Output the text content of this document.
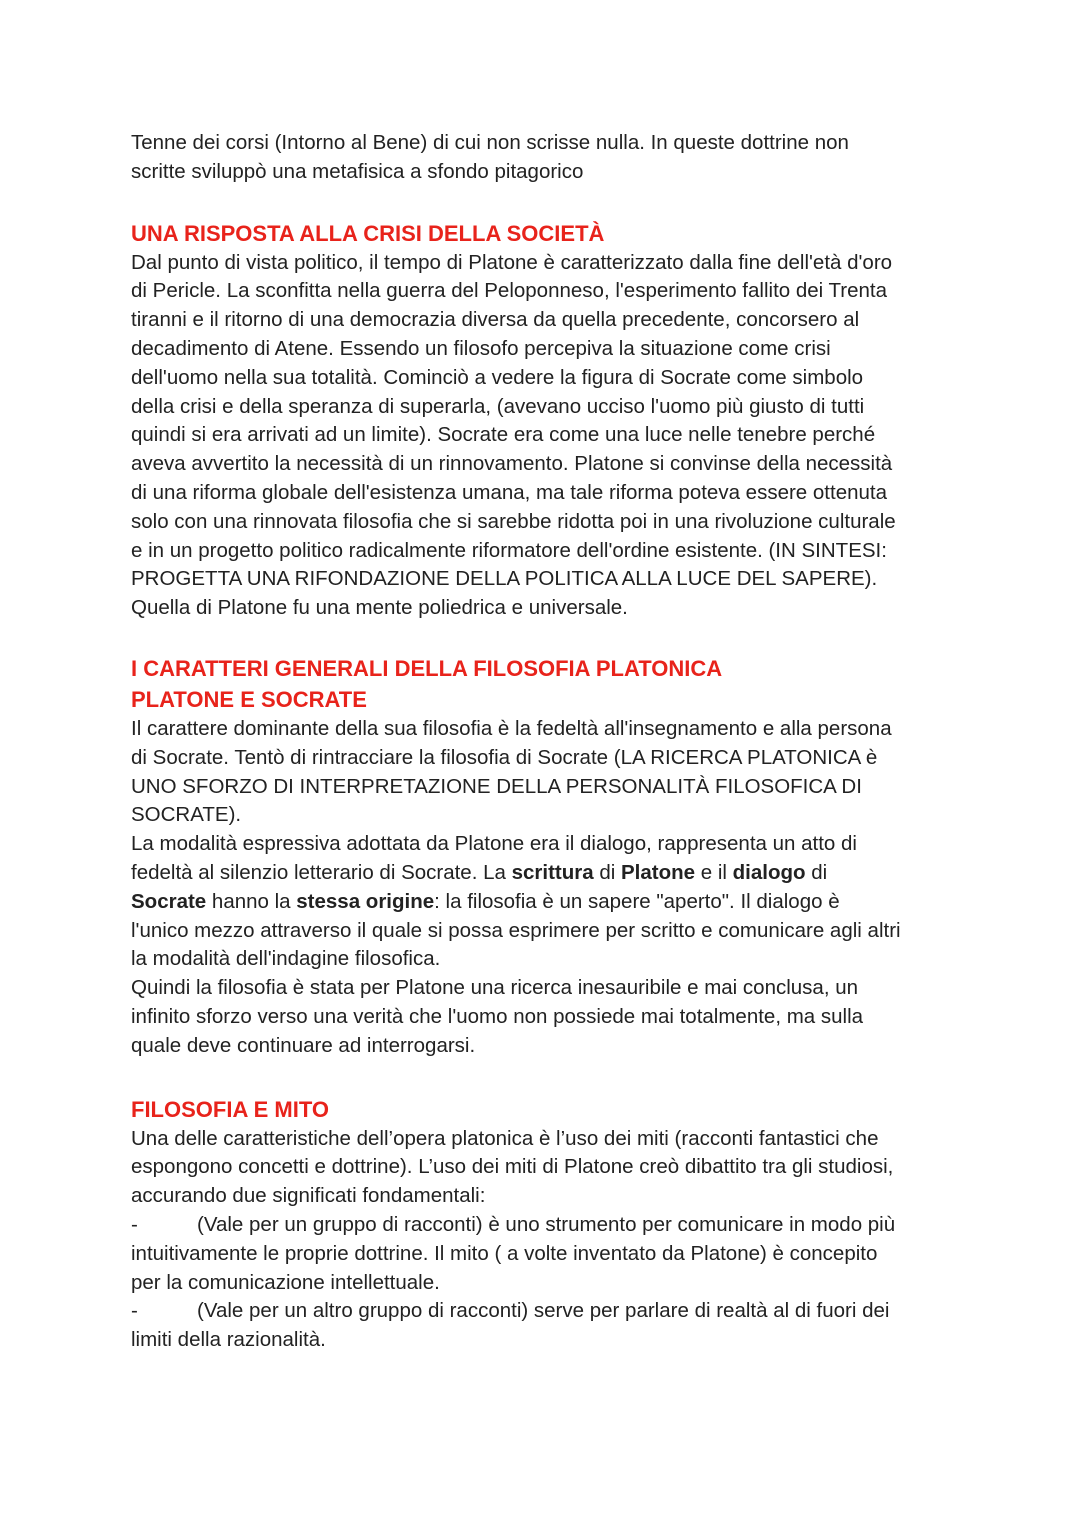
Tenne dei corsi (Intorno al Bene) di cui non scrisse nulla. In queste dottrine non

scritte sviluppò una metafisica a sfondo pitagorico

UNA RISPOSTA ALLA CRISI DELLA SOCIETÀ

Dal punto di vista politico, il tempo di Platone è caratterizzato dalla fine dell'età d'oro

di Pericle. La sconfitta nella guerra del Peloponneso, l'esperimento fallito dei Trenta

tiranni e il ritorno di una democrazia diversa da quella precedente, concorsero al

decadimento di Atene. Essendo un filosofo percepiva la situazione come crisi

dell'uomo nella sua totalità. Cominciò a vedere la figura di Socrate come simbolo

della crisi e della speranza di superarla, (avevano ucciso l'uomo più giusto di tutti

quindi si era arrivati ad un limite). Socrate era come una luce nelle tenebre perché

aveva avvertito la necessità di un rinnovamento. Platone si convinse della necessità

di una riforma globale dell'esistenza umana, ma tale riforma poteva essere ottenuta

solo con una rinnovata filosofia che si sarebbe ridotta poi in una rivoluzione culturale

e in un progetto politico radicalmente riformatore dell'ordine esistente. (IN SINTESI:

PROGETTA UNA RIFONDAZIONE DELLA POLITICA ALLA LUCE DEL SAPERE).

Quella di Platone fu una mente poliedrica e universale.

I CARATTERI GENERALI DELLA FILOSOFIA PLATONICA
PLATONE E SOCRATE

Il carattere dominante della sua filosofia è la fedeltà all'insegnamento e alla persona

di Socrate. Tentò di rintracciare la filosofia di Socrate (LA RICERCA PLATONICA è

UNO SFORZO DI INTERPRETAZIONE DELLA PERSONALITÀ FILOSOFICA DI

SOCRATE).

La modalità espressiva adottata da Platone era il dialogo, rappresenta un atto di

fedeltà al silenzio letterario di Socrate. La scrittura di Platone e il dialogo di

Socrate hanno la stessa origine: la filosofia è un sapere "aperto". Il dialogo è

l'unico mezzo attraverso il quale si possa esprimere per scritto e comunicare agli altri

la modalità dell'indagine filosofica.

Quindi la filosofia è stata per Platone una ricerca inesauribile e mai conclusa, un

infinito sforzo verso una verità che l'uomo non possiede mai totalmente, ma sulla

quale deve continuare ad interrogarsi.

FILOSOFIA E MITO

Una delle caratteristiche dell’opera platonica è l’uso dei miti (racconti fantastici che

espongono concetti e dottrine). L’uso dei miti di Platone creò dibattito tra gli studiosi,

accurando due significati fondamentali:

-	(Vale per un gruppo di racconti) è uno strumento per comunicare in modo più

intuitivamente le proprie dottrine. Il mito ( a volte inventato da Platone) è concepito

per la comunicazione intellettuale.

-	(Vale per un altro gruppo di racconti) serve per parlare di realtà al di fuori dei

limiti della razionalità.
